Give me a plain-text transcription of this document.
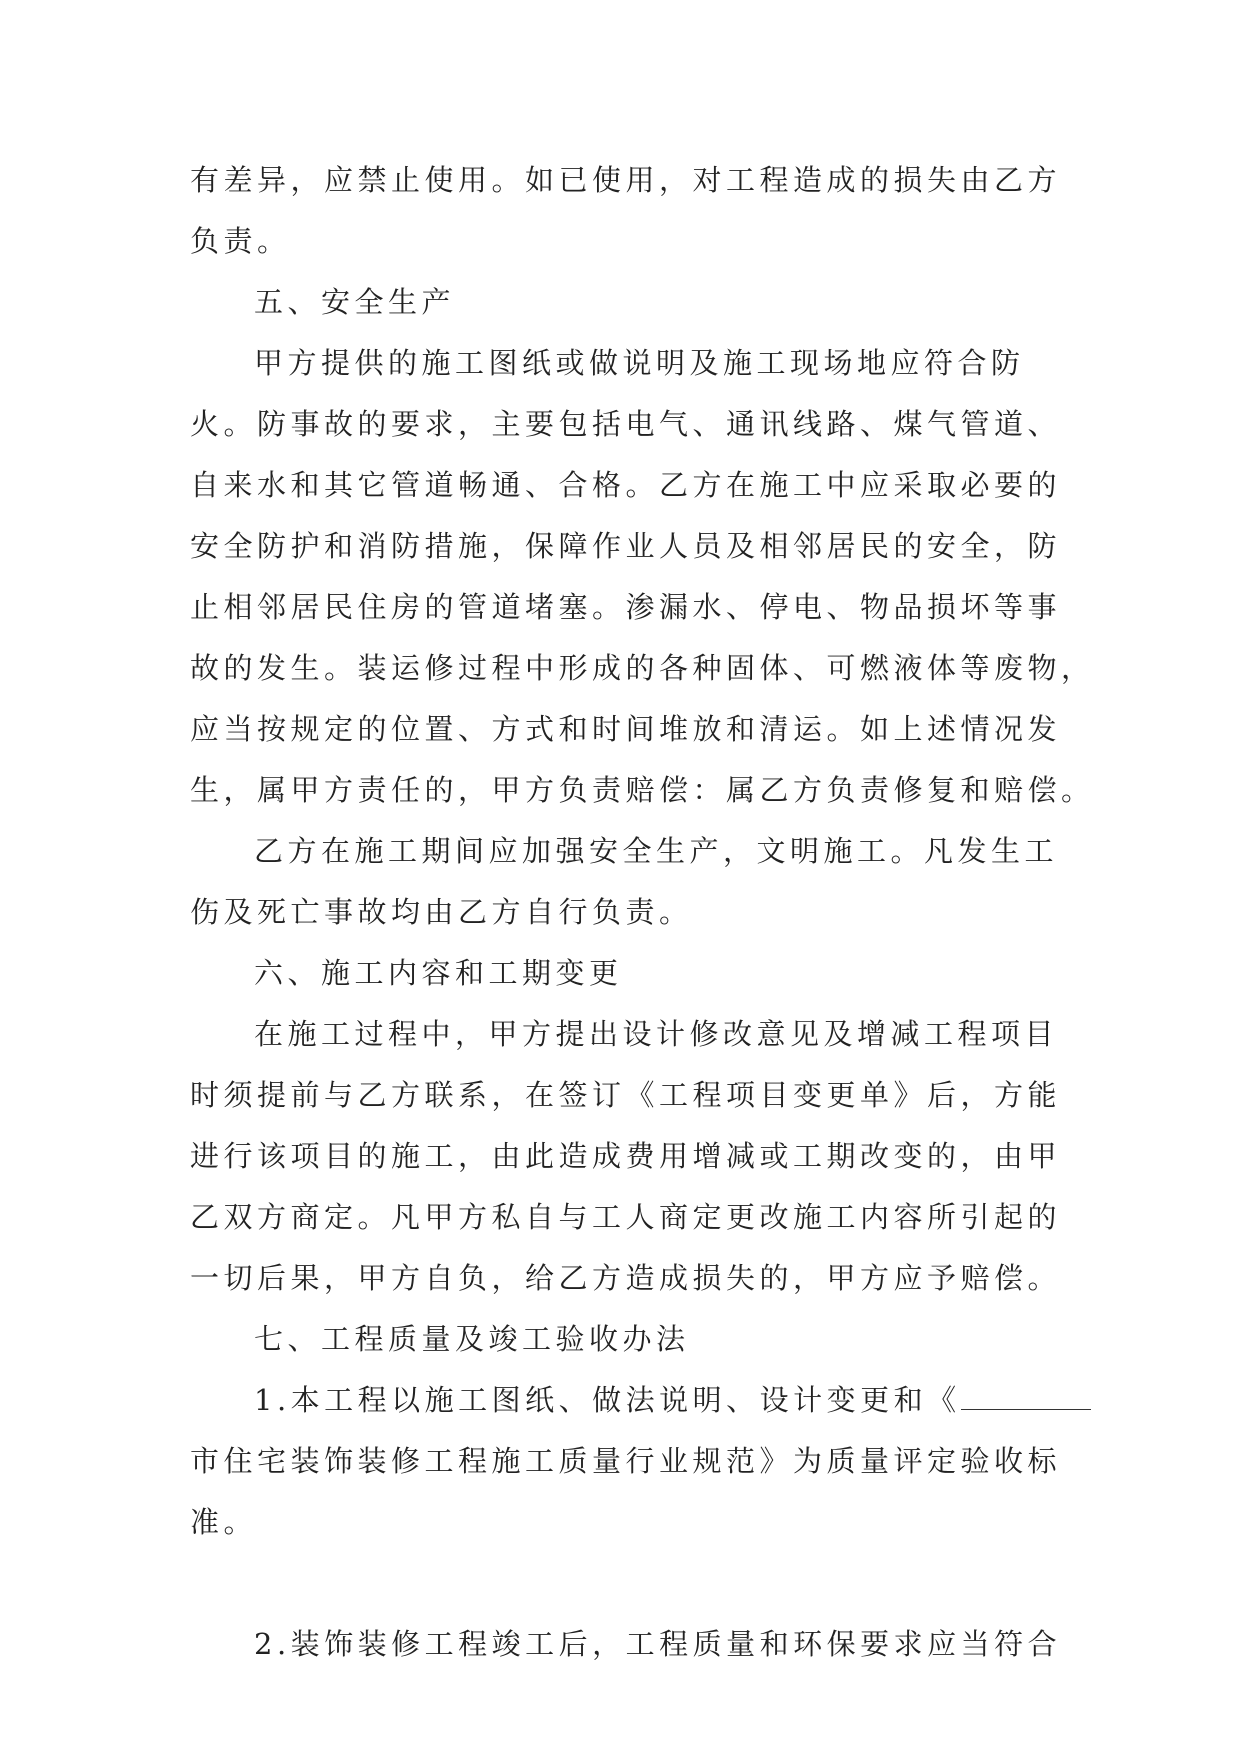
有差异，应禁止使用。如已使用，对工程造成的损失由乙方
负责。
五、安全生产
甲方提供的施工图纸或做说明及施工现场地应符合防
火。防事故的要求，主要包括电气、通讯线路、煤气管道、
自来水和其它管道畅通、合格。乙方在施工中应采取必要的
安全防护和消防措施，保障作业人员及相邻居民的安全，防
止相邻居民住房的管道堵塞。渗漏水、停电、物品损坏等事
故的发生。装运修过程中形成的各种固体、可燃液体等废物，
应当按规定的位置、方式和时间堆放和清运。如上述情况发
生，属甲方责任的，甲方负责赔偿：属乙方负责修复和赔偿。
乙方在施工期间应加强安全生产，文明施工。凡发生工
伤及死亡事故均由乙方自行负责。
六、施工内容和工期变更
在施工过程中，甲方提出设计修改意见及增减工程项目
时须提前与乙方联系，在签订《工程项目变更单》后，方能
进行该项目的施工，由此造成费用增减或工期改变的，由甲
乙双方商定。凡甲方私自与工人商定更改施工内容所引起的
一切后果，甲方自负，给乙方造成损失的，甲方应予赔偿。
七、工程质量及竣工验收办法
1.本工程以施工图纸、做法说明、设计变更和《
市住宅装饰装修工程施工质量行业规范》为质量评定验收标
准。
2.装饰装修工程竣工后，工程质量和环保要求应当符合
